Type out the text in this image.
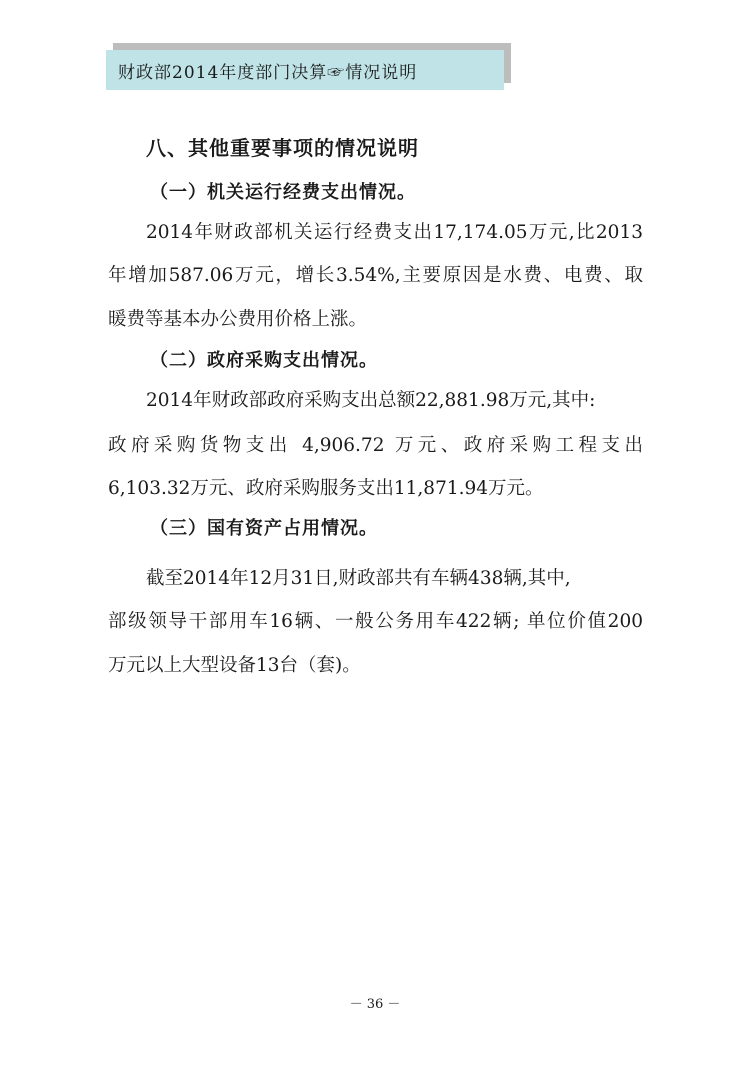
财政部2014年度部门决算☞情况说明
八、其他重要事项的情况说明
（一）机关运行经费支出情况。
2014年财政部机关运行经费支出17,174.05万元,比2013
年增加587.06万元，增长3.54%,主要原因是水费、电费、取
暖费等基本办公费用价格上涨。
（二）政府采购支出情况。
2014年财政部政府采购支出总额22,881.98万元,其中:
政府采购货物支出 4,906.72 万元、政府采购工程支出
6,103.32万元、政府采购服务支出11,871.94万元。
（三）国有资产占用情况。
截至2014年12月31日,财政部共有车辆438辆,其中,
部级领导干部用车16辆、一般公务用车422辆; 单位价值200
万元以上大型设备13台（套)。
－ 36 －
